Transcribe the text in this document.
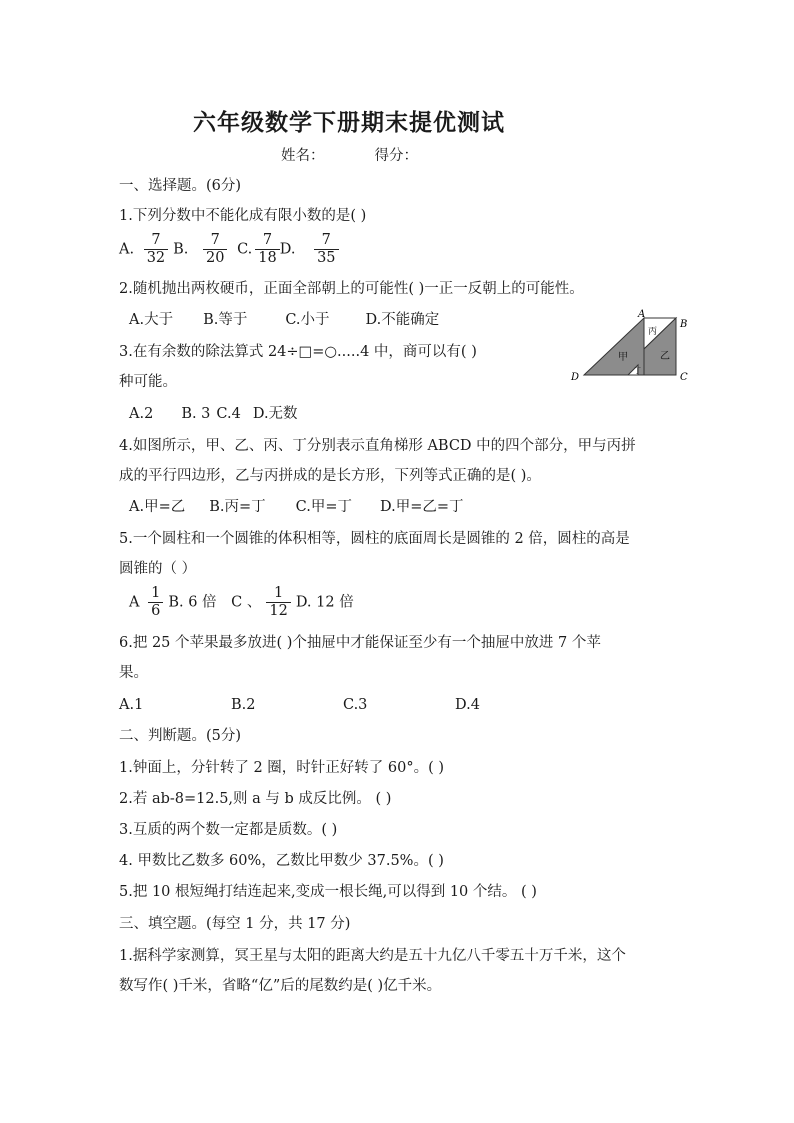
六年级数学下册期末提优测试
姓名：	得分：
一、选择题。(6分)
1.下列分数中不能化成有限小数的是( )
A. $\frac{7}{32} B$. $\frac{7}{20} C$. $\frac{7}{18} D$. $\frac{7}{35}$
2.随机抛出两枚硬币，正面全部朝上的可能性( )一正一反朝上的可能性。
A.大于 B.等于	C.小于 D.不能确定
3.在有余数的除法算式 24÷□=○.....4 中，商可以有( )
种可能。
A.2 B. 3 C.4 D.无数
A
B
C
D
甲	乙
丙
丁
4.如图所示，甲、乙、丙、丁分别表示直角梯形 ABCD 中的四个部分，甲与丙拼
成的平行四边形，乙与丙拼成的是长方形，下列等式正确的是( )。
A.甲=乙 B.丙=丁 C.甲=丁 D.甲=乙=丁
5.一个圆柱和一个圆锥的体积相等，圆柱的底面周长是圆锥的 2 倍，圆柱的高是
圆锥的（ ）
A $\frac{1}{6} B$. 6 倍 C 、 $\frac{1}{12} D$. 12 倍
6.把 25 个苹果最多放进( )个抽屉中才能保证至少有一个抽屉中放进 7 个苹
果。
A.1	B.2	C.3	D.4
二、判断题。(5分)
1.钟面上，分针转了 2 圈，时针正好转了 60°。( )
2.若 ab-8=12.5,则 a 与 b 成反比例。 ( )
3.互质的两个数一定都是质数。( )
4. 甲数比乙数多 60%，乙数比甲数少 37.5%。( )
5.把 10 根短绳打结连起来,变成一根长绳,可以得到 10 个结。 ( )
三、填空题。(每空 1 分，共 17 分)
1.据科学家测算，冥王星与太阳的距离大约是五十九亿八千零五十万千米，这个
数写作( )千米，省略“亿”后的尾数约是( )亿千米。
